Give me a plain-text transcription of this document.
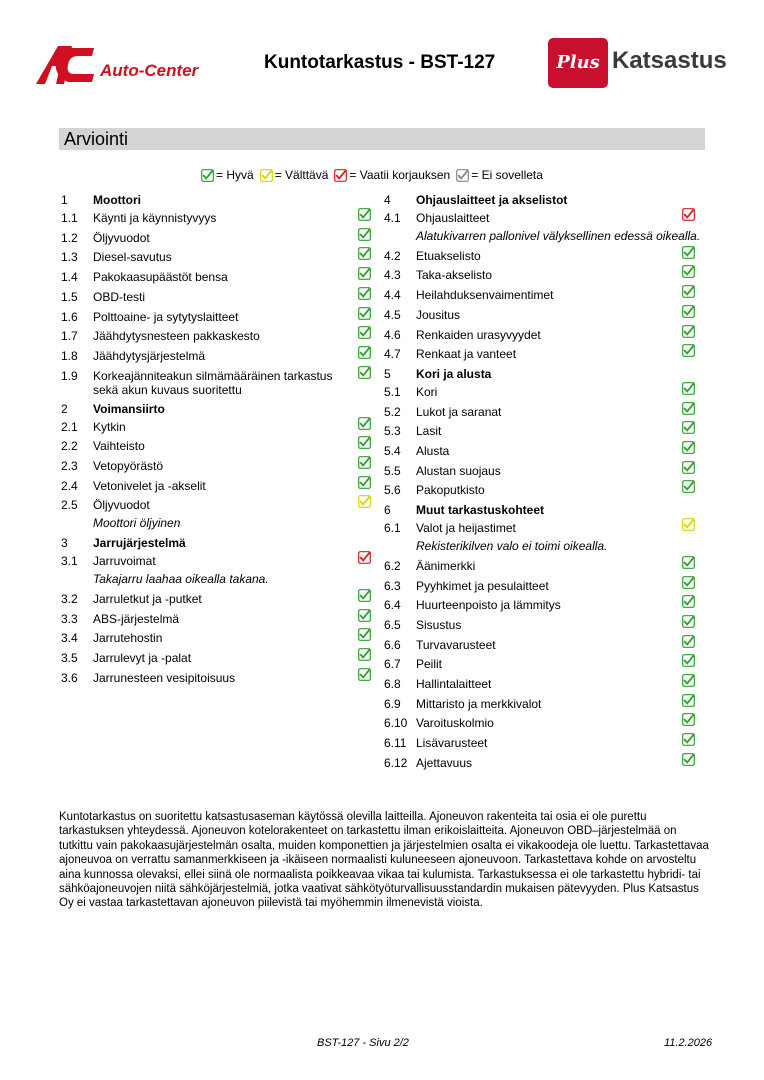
Auto-Center	Kuntotarkastus - BST-127	Plus Katsastus
Arviointi
= Hyvä = Välttävä = Vaatii korjauksen = Ei sovelleta
1 Moottori
1.1 Käynti ja käynnistyvyys
1.2 Öljyvuodot
1.3 Diesel-savutus
1.4 Pakokaasupäästöt bensa
1.5 OBD-testi
1.6 Polttoaine- ja sytytyslaitteet
1.7 Jäähdytysnesteen pakkaskesto
1.8 Jäähdytysjärjestelmä
1.9 Korkeajänniteakun silmämääräinen tarkastus
sekä akun kuvaus suoritettu
2 Voimansiirto
2.1 Kytkin
2.2 Vaihteisto
2.3 Vetopyörästö
2.4 Vetonivelet ja -akselit
2.5 Öljyvuodot
Moottori öljyinen
3 Jarrujärjestelmä
3.1 Jarruvoimat
Takajarru laahaa oikealla takana.
3.2 Jarruletkut ja -putket
3.3 ABS-järjestelmä
3.4 Jarrutehostin
3.5 Jarrulevyt ja -palat
3.6 Jarrunesteen vesipitoisuus
4 Ohjauslaitteet ja akselistot
4.1 Ohjauslaitteet
Alatukivarren pallonivel välyksellinen edessä oikealla.
4.2 Etuakselisto
4.3 Taka-akselisto
4.4 Heilahduksenvaimentimet
4.5 Jousitus
4.6 Renkaiden urasyvyydet
4.7 Renkaat ja vanteet
5 Kori ja alusta
5.1 Kori
5.2 Lukot ja saranat
5.3 Lasit
5.4 Alusta
5.5 Alustan suojaus
5.6 Pakoputkisto
6 Muut tarkastuskohteet
6.1 Valot ja heijastimet
Rekisterikilven valo ei toimi oikealla.
6.2 Äänimerkki
6.3 Pyyhkimet ja pesulaitteet
6.4 Huurteenpoisto ja lämmitys
6.5 Sisustus
6.6 Turvavarusteet
6.7 Peilit
6.8 Hallintalaitteet
6.9 Mittaristo ja merkkivalot
6.10 Varoituskolmio
6.11 Lisävarusteet
6.12 Ajettavuus
Kuntotarkastus on suoritettu katsastusaseman käytössä olevilla laitteilla. Ajoneuvon rakenteita tai osia ei ole purettu tarkastuksen yhteydessä. Ajoneuvon kotelorakenteet on tarkastettu ilman erikoislaitteita. Ajoneuvon OBD–järjestelmää on tutkittu vain pakokaasujärjestelmän osalta, muiden komponettien ja järjestelmien osalta ei vikakoodeja ole luettu. Tarkastettavaa ajoneuvoa on verrattu samanmerkkiseen ja -ikäiseen normaalisti kuluneeseen ajoneuvoon. Tarkastettava kohde on arvosteltu aina kunnossa olevaksi, ellei siinä ole normaalista poikkeavaa vikaa tai kulumista. Tarkastuksessa ei ole tarkastettu hybridi- tai sähköajoneuvojen niitä sähköjärjestelmiä, jotka vaativat sähkötyöturvallisuusstandardin mukaisen pätevyyden. Plus Katsastus Oy ei vastaa tarkastettavan ajoneuvon piilevistä tai myöhemmin ilmenevistä vioista.
BST-127 - Sivu 2/2	11.2.2026
